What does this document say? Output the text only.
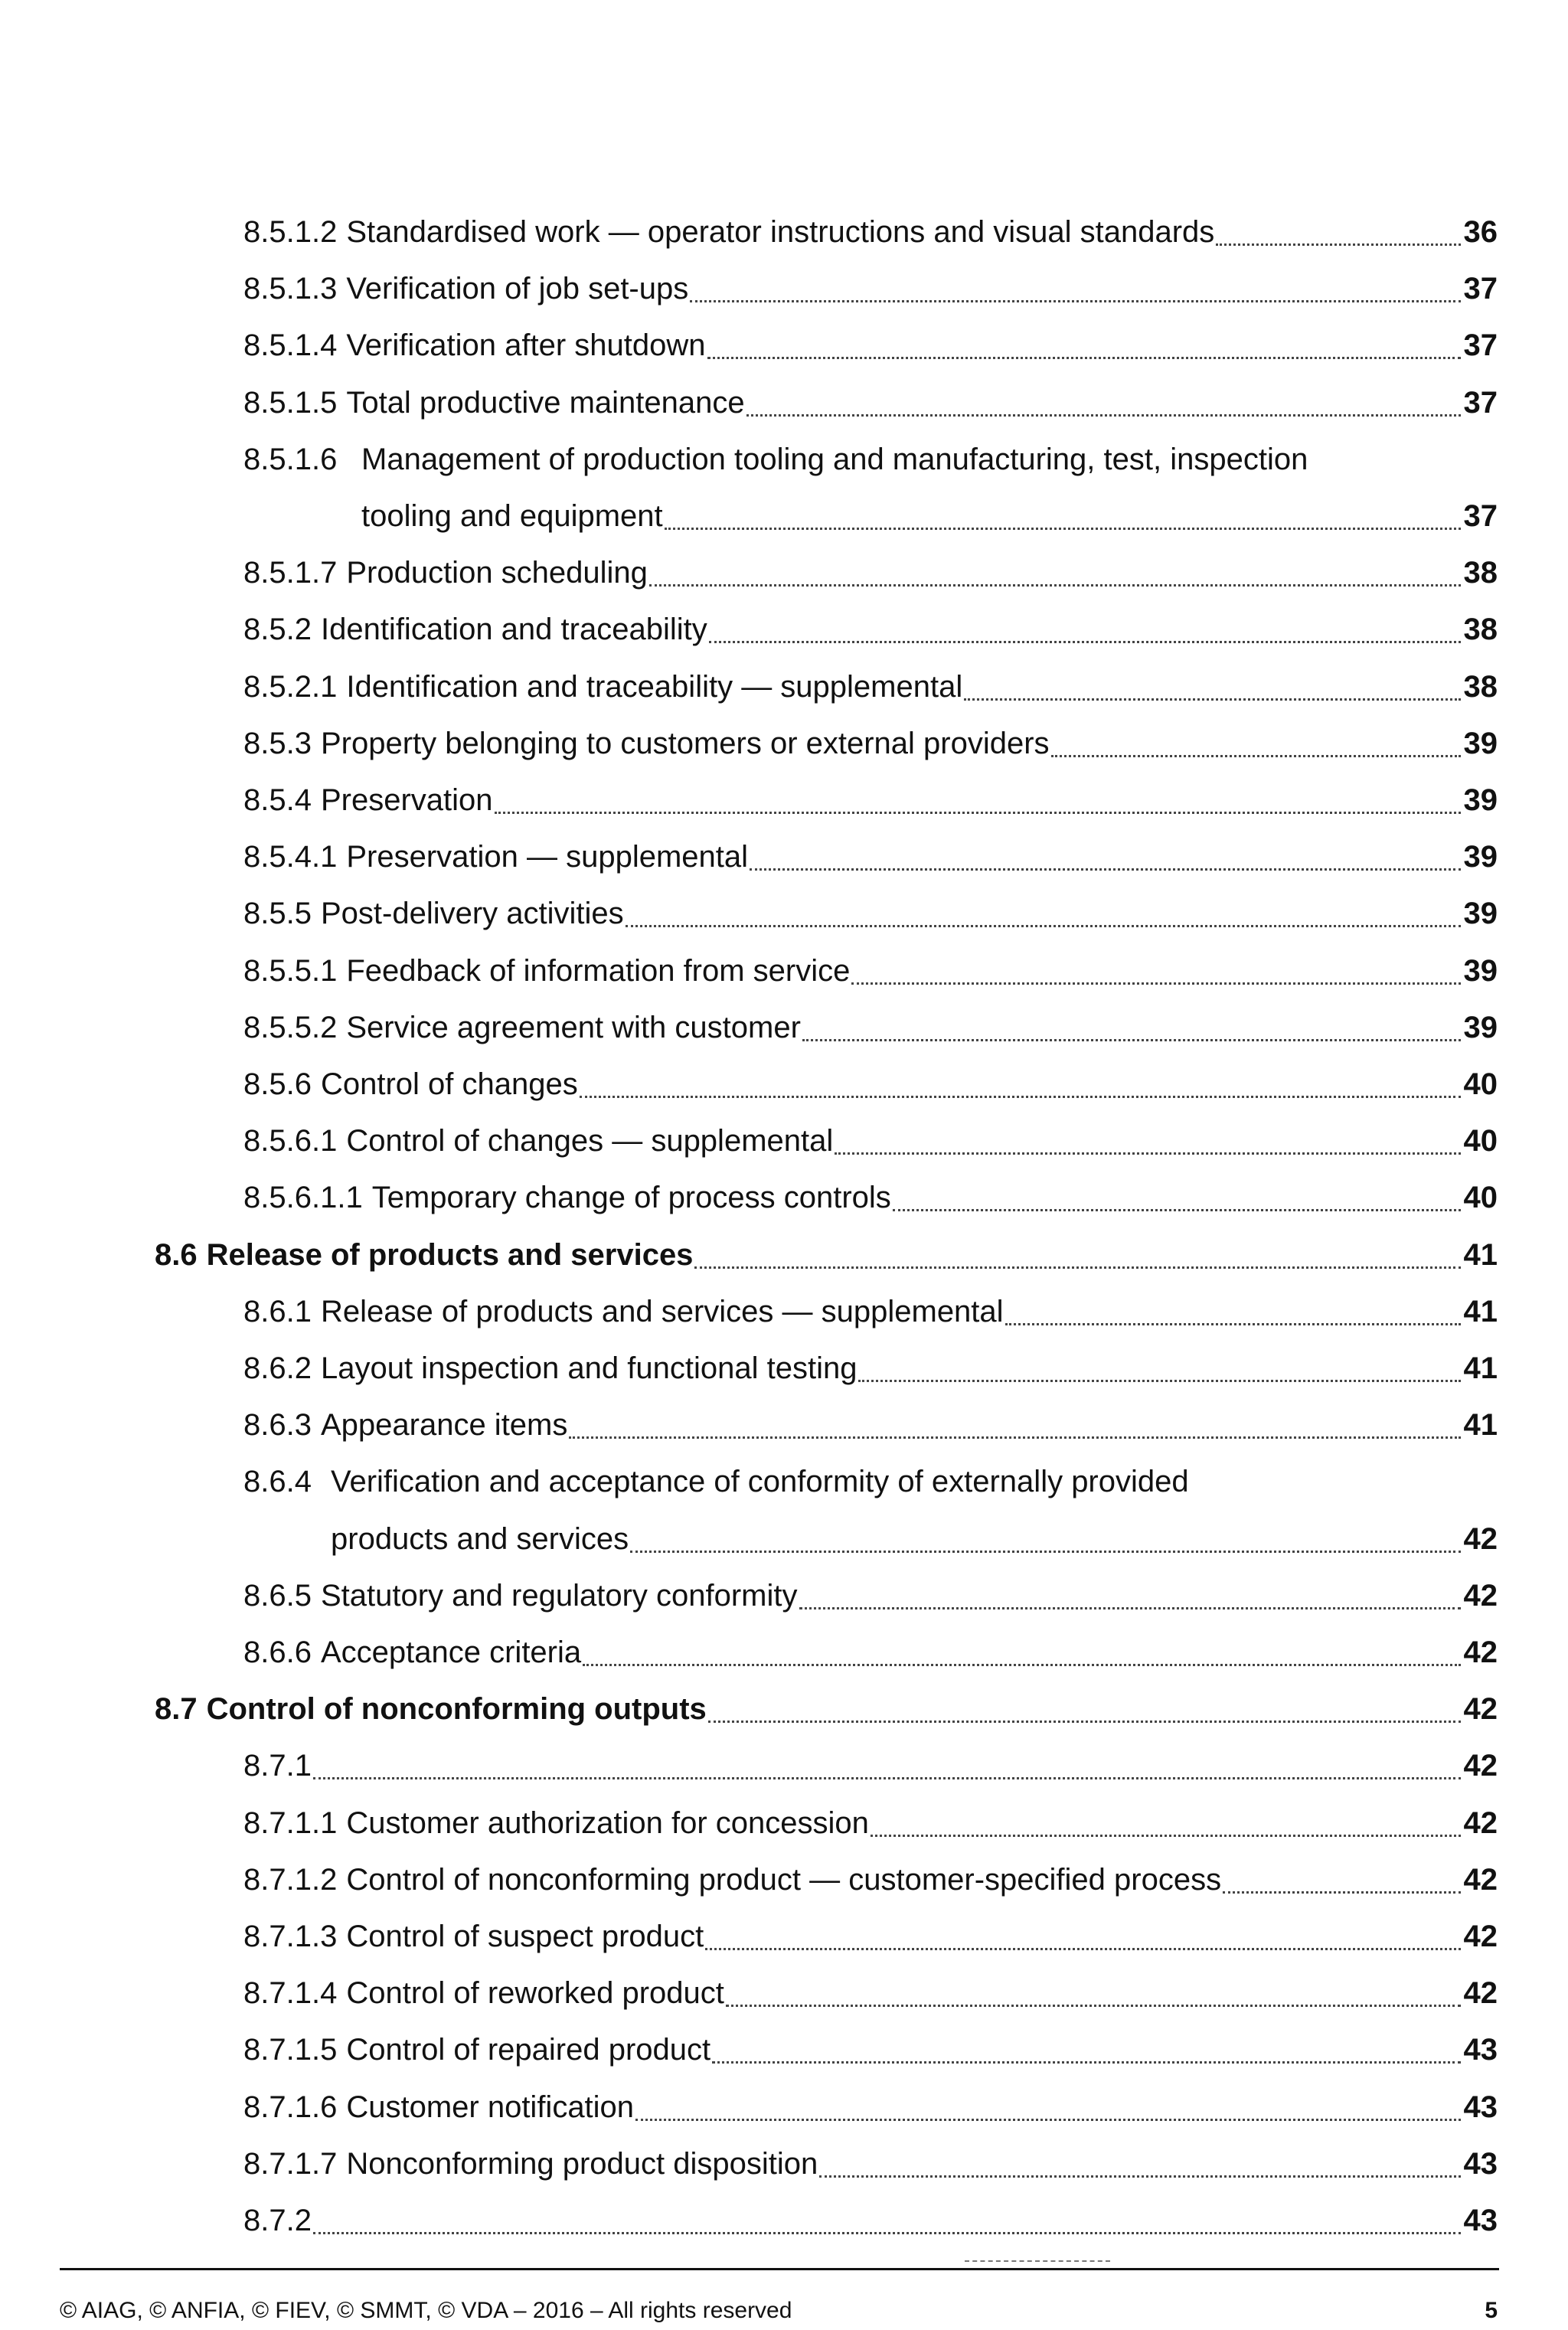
8.5.1.2 Standardised work — operator instructions and visual standards	36
8.5.1.3 Verification of job set-ups	37
8.5.1.4 Verification after shutdown	37
8.5.1.5 Total productive maintenance	37
8.5.1.6 Management of production tooling and manufacturing, test, inspection
tooling and equipment	37
8.5.1.7 Production scheduling	38
8.5.2 Identification and traceability	38
8.5.2.1 Identification and traceability — supplemental	38
8.5.3 Property belonging to customers or external providers	39
8.5.4 Preservation	39
8.5.4.1 Preservation — supplemental	39
8.5.5 Post-delivery activities	39
8.5.5.1 Feedback of information from service	39
8.5.5.2 Service agreement with customer	39
8.5.6 Control of changes	40
8.5.6.1 Control of changes — supplemental	40
8.5.6.1.1 Temporary change of process controls	40
8.6 Release of products and services	41
8.6.1 Release of products and services — supplemental	41
8.6.2 Layout inspection and functional testing	41
8.6.3 Appearance items	41
8.6.4 Verification and acceptance of conformity of externally provided
products and services	42
8.6.5 Statutory and regulatory conformity	42
8.6.6 Acceptance criteria	42
8.7 Control of nonconforming outputs	42
8.7.1	42
8.7.1.1 Customer authorization for concession	42
8.7.1.2 Control of nonconforming product — customer-specified process	42
8.7.1.3 Control of suspect product	42
8.7.1.4 Control of reworked product	42
8.7.1.5 Control of repaired product	43
8.7.1.6 Customer notification	43
8.7.1.7 Nonconforming product disposition	43
8.7.2	43
© AIAG, © ANFIA, © FIEV, © SMMT, © VDA – 2016 – All rights reserved	5
